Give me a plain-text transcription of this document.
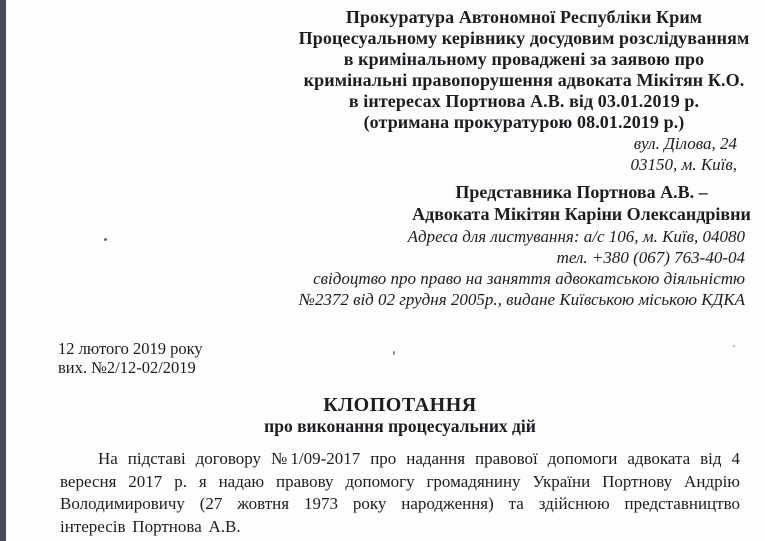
Прокуратура Автономної Республіки Крим
Процесуальному керівнику досудовим розслідуванням
в кримінальному проваджені за заявою про
кримінальні правопорушення адвоката Мікітян К.О.
в інтересах Портнова А.В. від 03.01.2019 р.
(отримана прокуратурою 08.01.2019 р.)
вул. Ділова, 24
03150, м. Київ,
Представника Портнова А.В. –
Адвоката Мікітян Каріни Олександрівни
Адреса для листування: а/с 106, м. Київ, 04080
тел. +380 (067) 763-40-04
свідоцтво про право на заняття адвокатською діяльністю
№2372 від 02 грудня 2005р., видане Київською міською КДКА
12 лютого 2019 року
вих. №2/12-02/2019
КЛОПОТАННЯ
про виконання процесуальних дій
На підставі договору №1/09-2017 про надання правової допомоги адвоката від 4 вересня 2017 р. я надаю правову допомогу громадянину України Портнову Андрію Володимировичу (27 жовтня 1973 року народження) та здійснюю представництво інтересів Портнова А.В.
